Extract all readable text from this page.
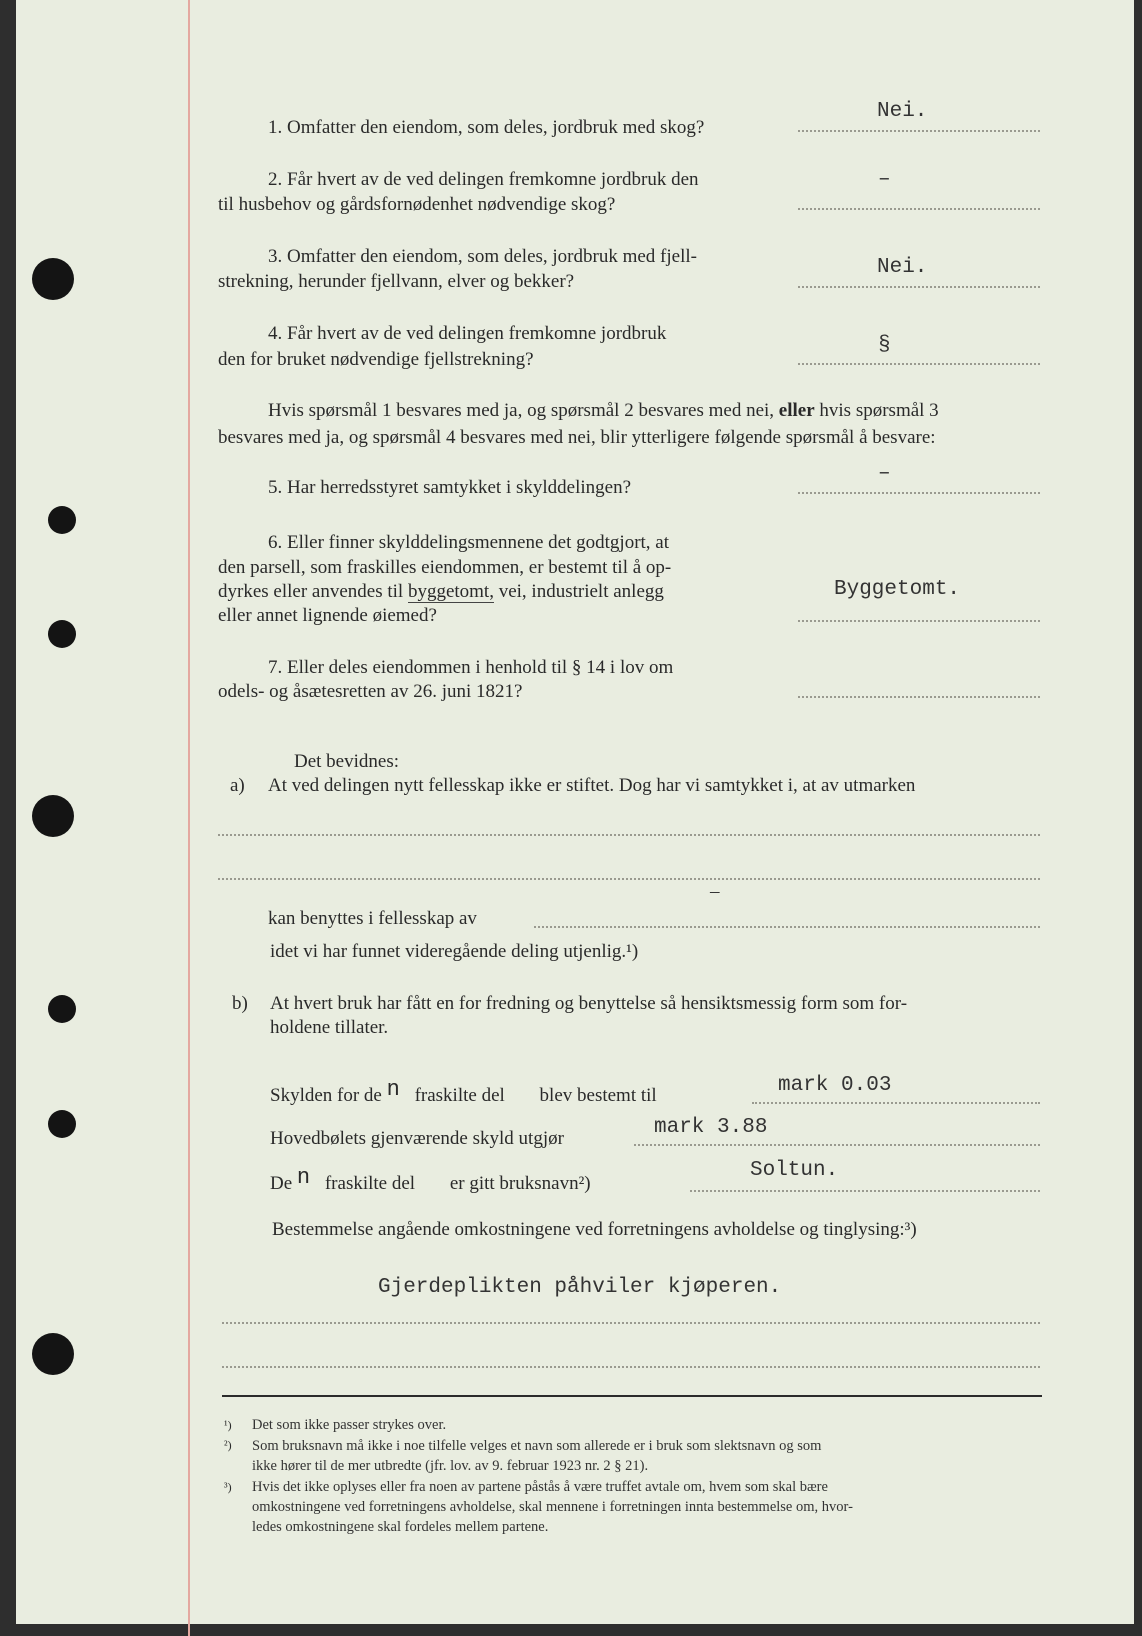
1. Omfatter den eiendom, som deles, jordbruk med skog?
Nei.
2. Får hvert av de ved delingen fremkomne jordbruk den
til husbehov og gårdsfornødenhet nødvendige skog?
–
3. Omfatter den eiendom, som deles, jordbruk med fjell-
strekning, herunder fjellvann, elver og bekker?
Nei.
4. Får hvert av de ved delingen fremkomne jordbruk
den for bruket nødvendige fjellstrekning?
§
Hvis spørsmål 1 besvares med ja, og spørsmål 2 besvares med nei, eller hvis spørsmål 3
besvares med ja, og spørsmål 4 besvares med nei, blir ytterligere følgende spørsmål å besvare:
5. Har herredsstyret samtykket i skylddelingen?
–
6. Eller finner skylddelingsmennene det godtgjort, at
den parsell, som fraskilles eiendommen, er bestemt til å op-
dyrkes eller anvendes til byggetomt, vei, industrielt anlegg
eller annet lignende øiemed?
Byggetomt.
7. Eller deles eiendommen i henhold til § 14 i lov om
odels- og åsætesretten av 26. juni 1821?
Det bevidnes:
a) At ved delingen nytt fellesskap ikke er stiftet. Dog har vi samtykket i, at av utmarken
–
kan benyttes i fellesskap av
idet vi har funnet videregående deling utjenlig.¹)
b) At hvert bruk har fått en for fredning og benyttelse så hensiktsmessig form som for-
holdene tillater.
Skylden for de n fraskilte del blev bestemt til	mark 0.03
Hovedbølets gjenværende skyld utgjør	mark 3.88
De n fraskilte del er gitt bruksnavn²)
Soltun.
Bestemmelse angående omkostningene ved forretningens avholdelse og tinglysing:³)
Gjerdeplikten påhviler kjøperen.
¹) Det som ikke passer strykes over.
²) Som bruksnavn må ikke i noe tilfelle velges et navn som allerede er i bruk som slektsnavn og som
ikke hører til de mer utbredte (jfr. lov. av 9. februar 1923 nr. 2 § 21).
³) Hvis det ikke oplyses eller fra noen av partene påstås å være truffet avtale om, hvem som skal bære
omkostningene ved forretningens avholdelse, skal mennene i forretningen innta bestemmelse om, hvor-
ledes omkostningene skal fordeles mellem partene.
